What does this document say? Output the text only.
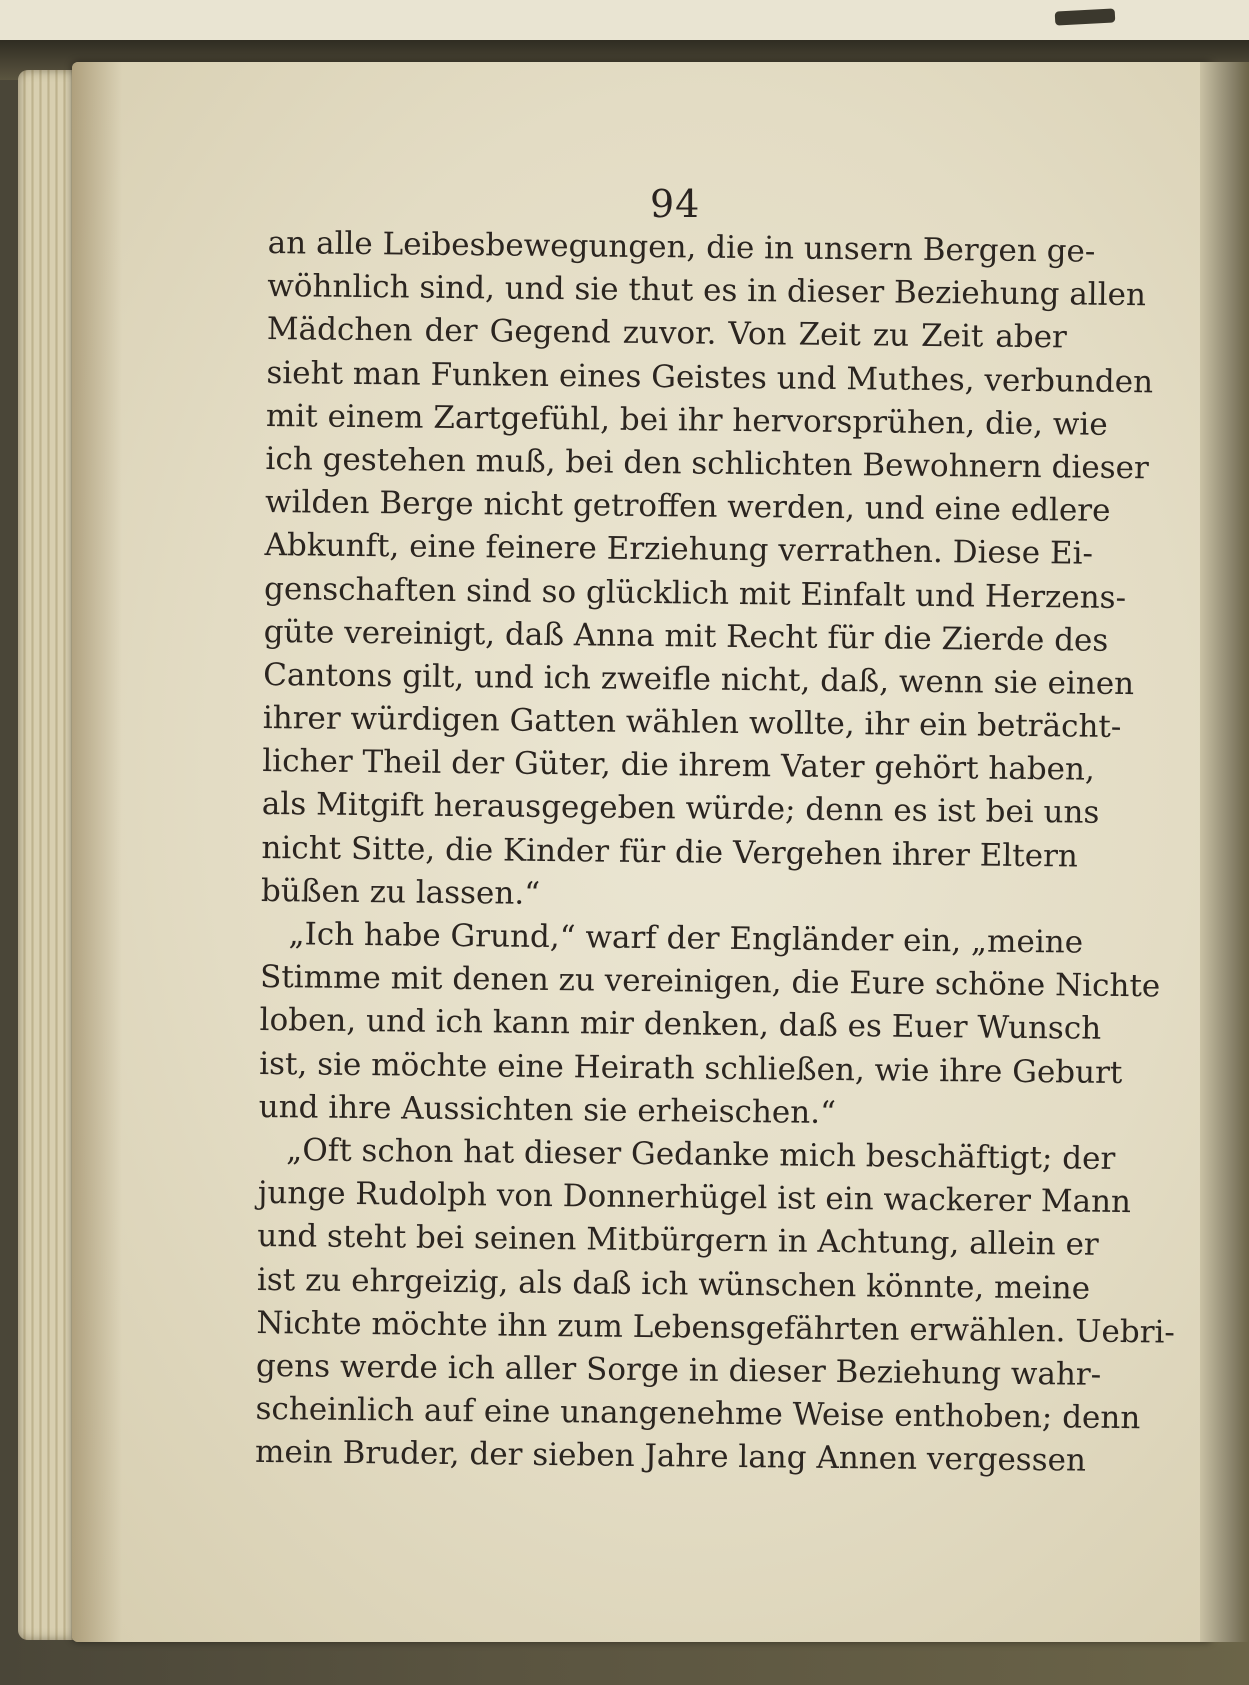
94
an alle Leibesbewegungen, die in unsern Bergen ge-
wöhnlich sind, und sie thut es in dieser Beziehung allen
Mädchen der Gegend zuvor. Von Zeit zu Zeit aber
sieht man Funken eines Geistes und Muthes, verbunden
mit einem Zartgefühl, bei ihr hervorsprühen, die, wie
ich gestehen muß, bei den schlichten Bewohnern dieser
wilden Berge nicht getroffen werden, und eine edlere
Abkunft, eine feinere Erziehung verrathen. Diese Ei-
genschaften sind so glücklich mit Einfalt und Herzens-
güte vereinigt, daß Anna mit Recht für die Zierde des
Cantons gilt, und ich zweifle nicht, daß, wenn sie einen
ihrer würdigen Gatten wählen wollte, ihr ein beträcht-
licher Theil der Güter, die ihrem Vater gehört haben,
als Mitgift herausgegeben würde; denn es ist bei uns
nicht Sitte, die Kinder für die Vergehen ihrer Eltern
büßen zu lassen.“
„Ich habe Grund,“ warf der Engländer ein, „meine
Stimme mit denen zu vereinigen, die Eure schöne Nichte
loben, und ich kann mir denken, daß es Euer Wunsch
ist, sie möchte eine Heirath schließen, wie ihre Geburt
und ihre Aussichten sie erheischen.“
„Oft schon hat dieser Gedanke mich beschäftigt; der
junge Rudolph von Donnerhügel ist ein wackerer Mann
und steht bei seinen Mitbürgern in Achtung, allein er
ist zu ehrgeizig, als daß ich wünschen könnte, meine
Nichte möchte ihn zum Lebensgefährten erwählen. Uebri-
gens werde ich aller Sorge in dieser Beziehung wahr-
scheinlich auf eine unangenehme Weise enthoben; denn
mein Bruder, der sieben Jahre lang Annen vergessen
